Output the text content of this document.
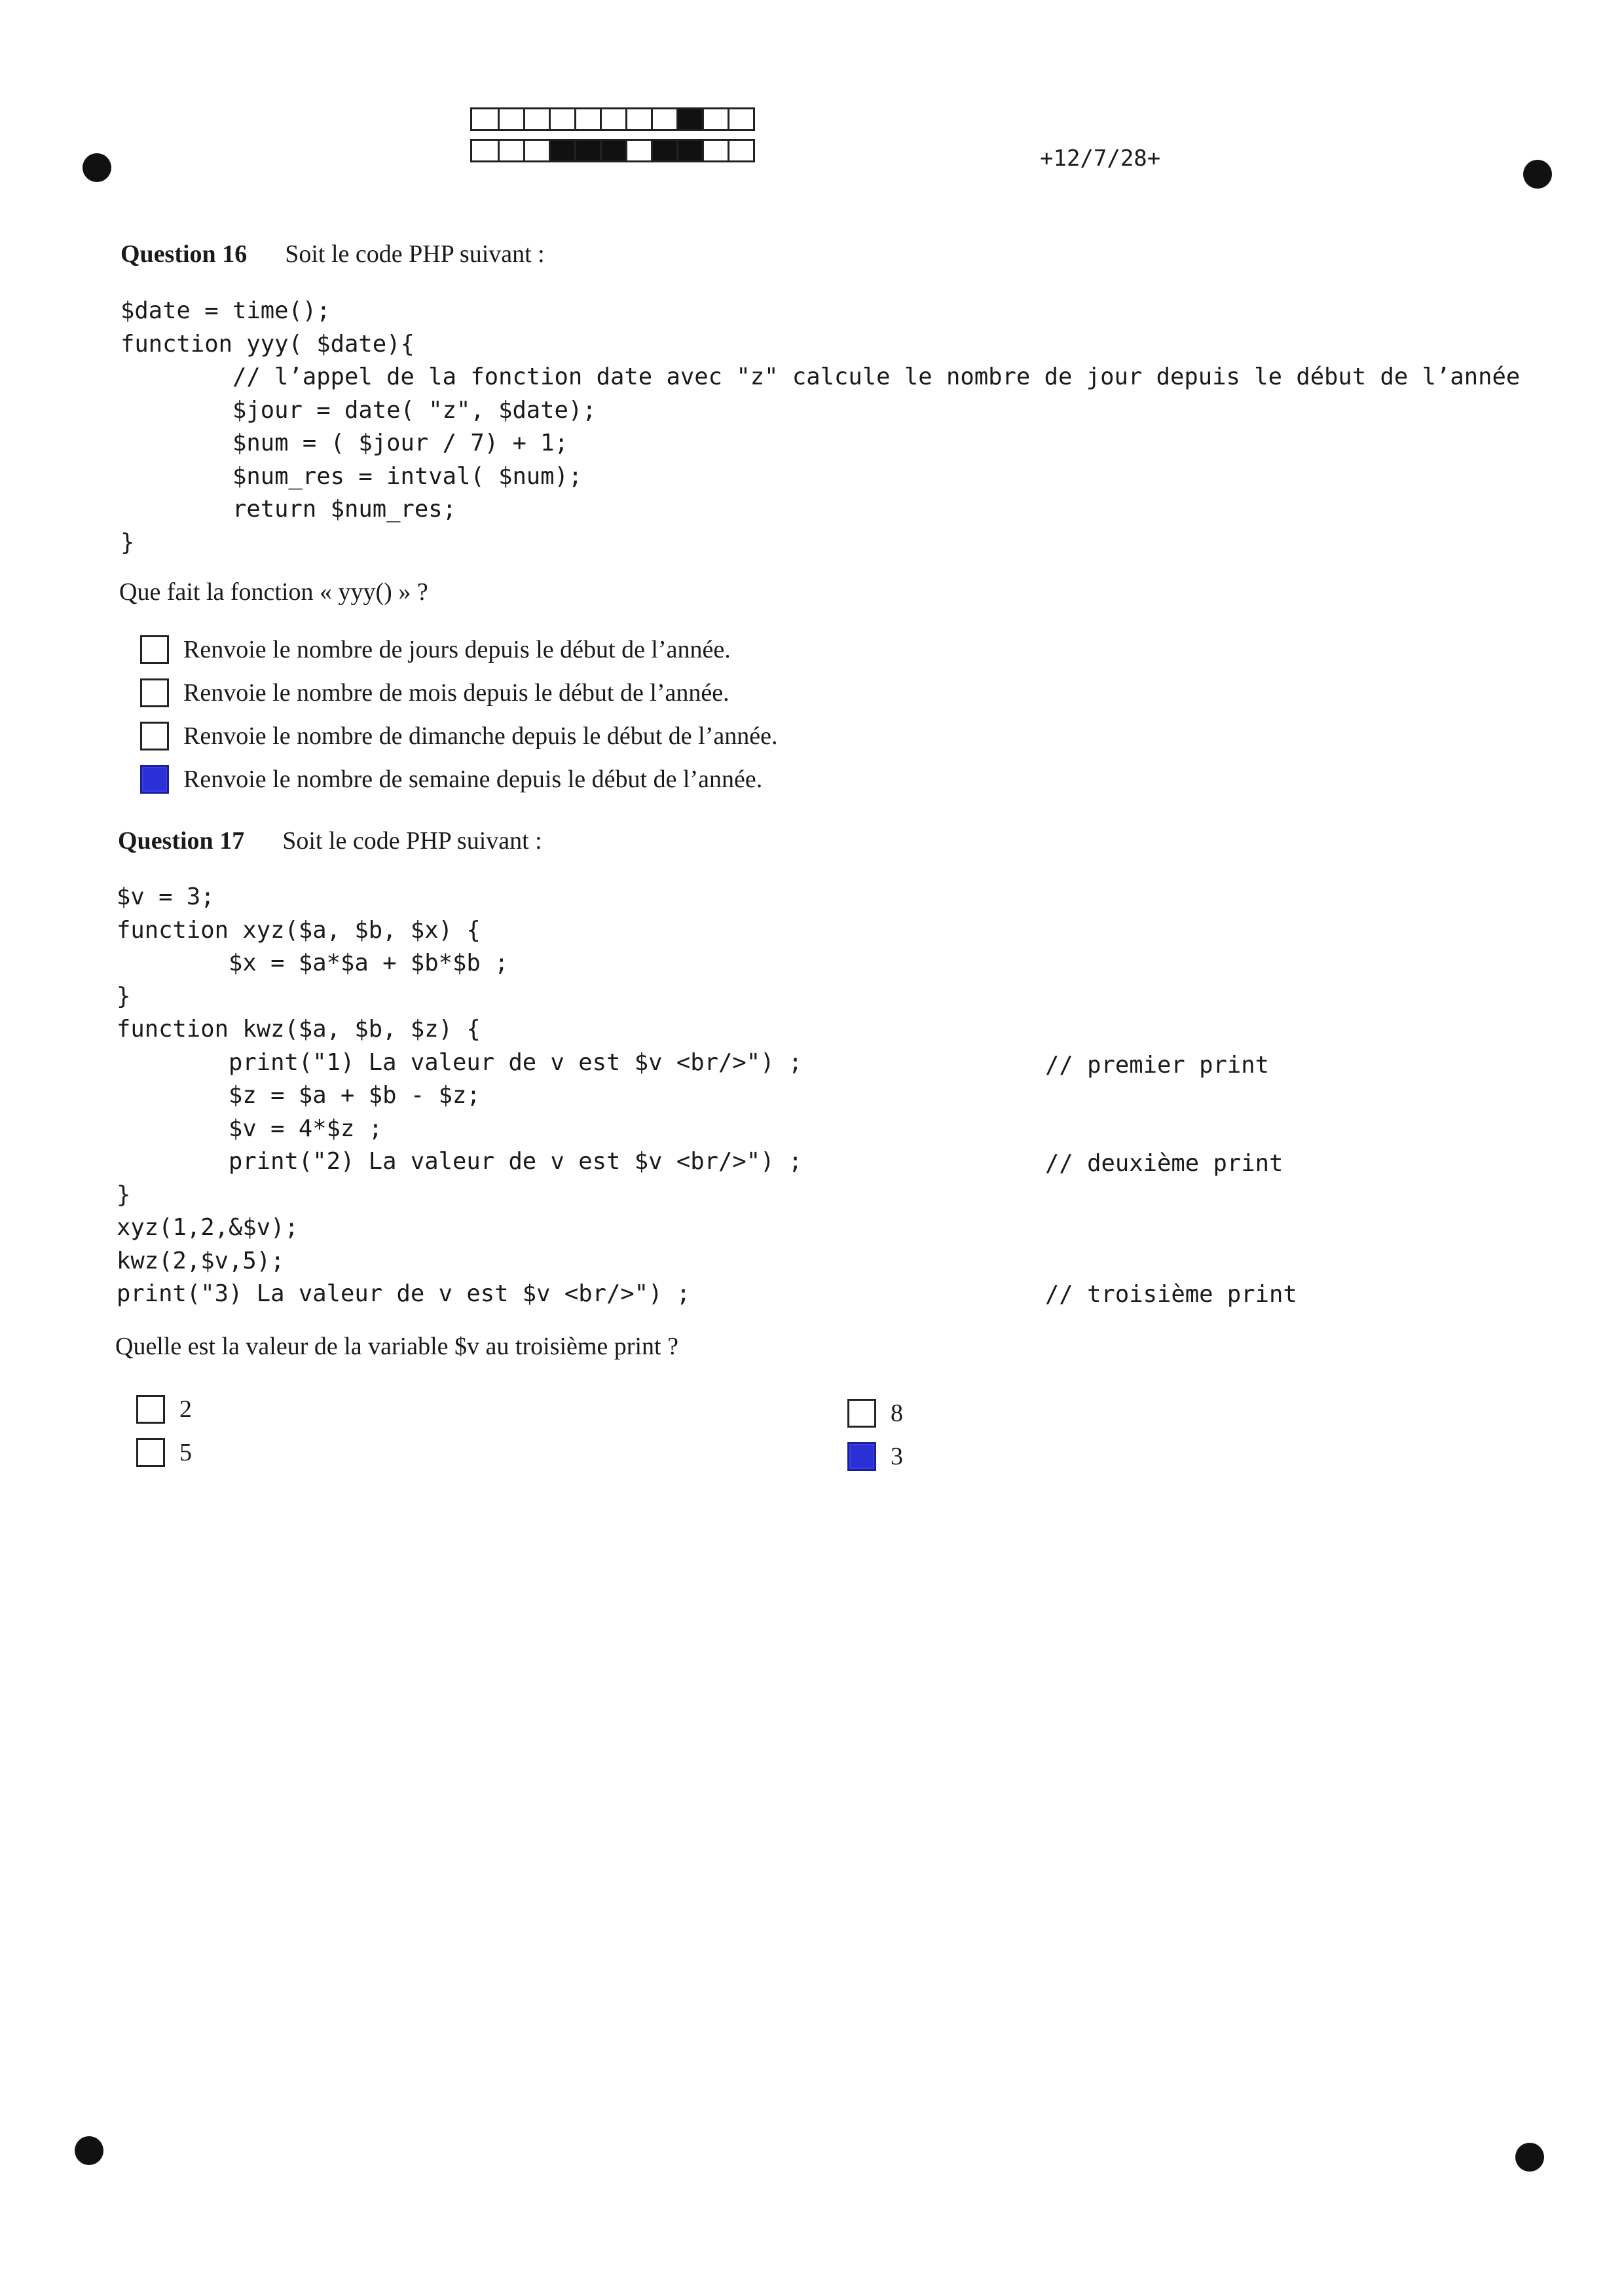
+12/7/28+
Question 16 Soit le code PHP suivant :
$date = time();
function yyy( $date){
// l’appel de la fonction date avec "z" calcule le nombre de jour depuis le début de l’année
$jour = date( "z", $date);
$num = ( $jour / 7) + 1;
$num_res = intval( $num);
return $num_res;
}
Que fait la fonction « yyy() » ?
Renvoie le nombre de jours depuis le début de l’année.
Renvoie le nombre de mois depuis le début de l’année.
Renvoie le nombre de dimanche depuis le début de l’année.
Renvoie le nombre de semaine depuis le début de l’année.
Question 17 Soit le code PHP suivant :
$v = 3;
function xyz($a, $b, $x) {
$x = $a*$a + $b*$b ;
}
function kwz($a, $b, $z) {
print("1) La valeur de v est $v <br/>") ;
$z = $a + $b - $z;
$v = 4*$z ;
print("2) La valeur de v est $v <br/>") ;
}
xyz(1,2,&$v);
kwz(2,$v,5);
print("3) La valeur de v est $v <br/>") ;
// premier print
// deuxième print
// troisième print
Quelle est la valeur de la variable $v au troisième print ?
2
5
8
3
